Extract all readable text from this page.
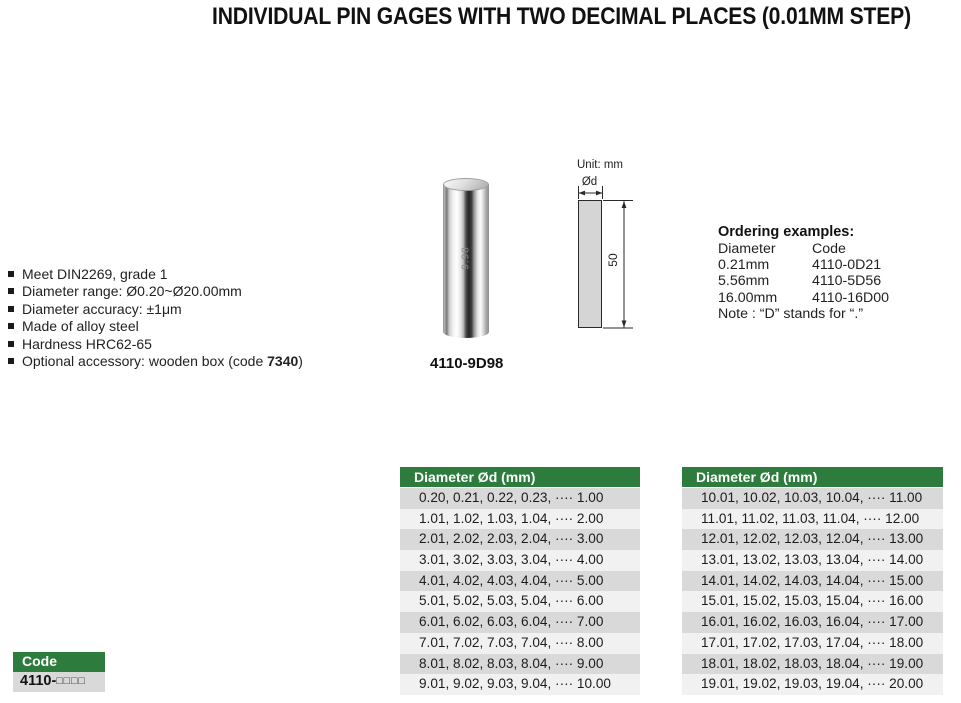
INDIVIDUAL PIN GAGES WITH TWO DECIMAL PLACES (0.01MM STEP)
Meet DIN2269, grade 1
Diameter range: Ø0.20~Ø20.00mm
Diameter accuracy: ±1μm
Made of alloy steel
Hardness HRC62-65
Optional accessory: wooden box (code 7340)
9.98
4110-9D98
Unit: mm
Ød
50
Ordering examples:
Diameter	Code
0.21mm	4110-0D21
5.56mm	4110-5D56
16.00mm	4110-16D00
Note : “D” stands for “.”
Diameter Ød (mm)
0.20, 0.21, 0.22, 0.23, ···· 1.00
1.01, 1.02, 1.03, 1.04, ···· 2.00
2.01, 2.02, 2.03, 2.04, ···· 3.00
3.01, 3.02, 3.03, 3.04, ···· 4.00
4.01, 4.02, 4.03, 4.04, ···· 5.00
5.01, 5.02, 5.03, 5.04, ···· 6.00
6.01, 6.02, 6.03, 6.04, ···· 7.00
7.01, 7.02, 7.03, 7.04, ···· 8.00
8.01, 8.02, 8.03, 8.04, ···· 9.00
9.01, 9.02, 9.03, 9.04, ···· 10.00
Diameter Ød (mm)
10.01, 10.02, 10.03, 10.04, ···· 11.00
11.01, 11.02, 11.03, 11.04, ···· 12.00
12.01, 12.02, 12.03, 12.04, ···· 13.00
13.01, 13.02, 13.03, 13.04, ···· 14.00
14.01, 14.02, 14.03, 14.04, ···· 15.00
15.01, 15.02, 15.03, 15.04, ···· 16.00
16.01, 16.02, 16.03, 16.04, ···· 17.00
17.01, 17.02, 17.03, 17.04, ···· 18.00
18.01, 18.02, 18.03, 18.04, ···· 19.00
19.01, 19.02, 19.03, 19.04, ···· 20.00
Code
4110-□□□□
